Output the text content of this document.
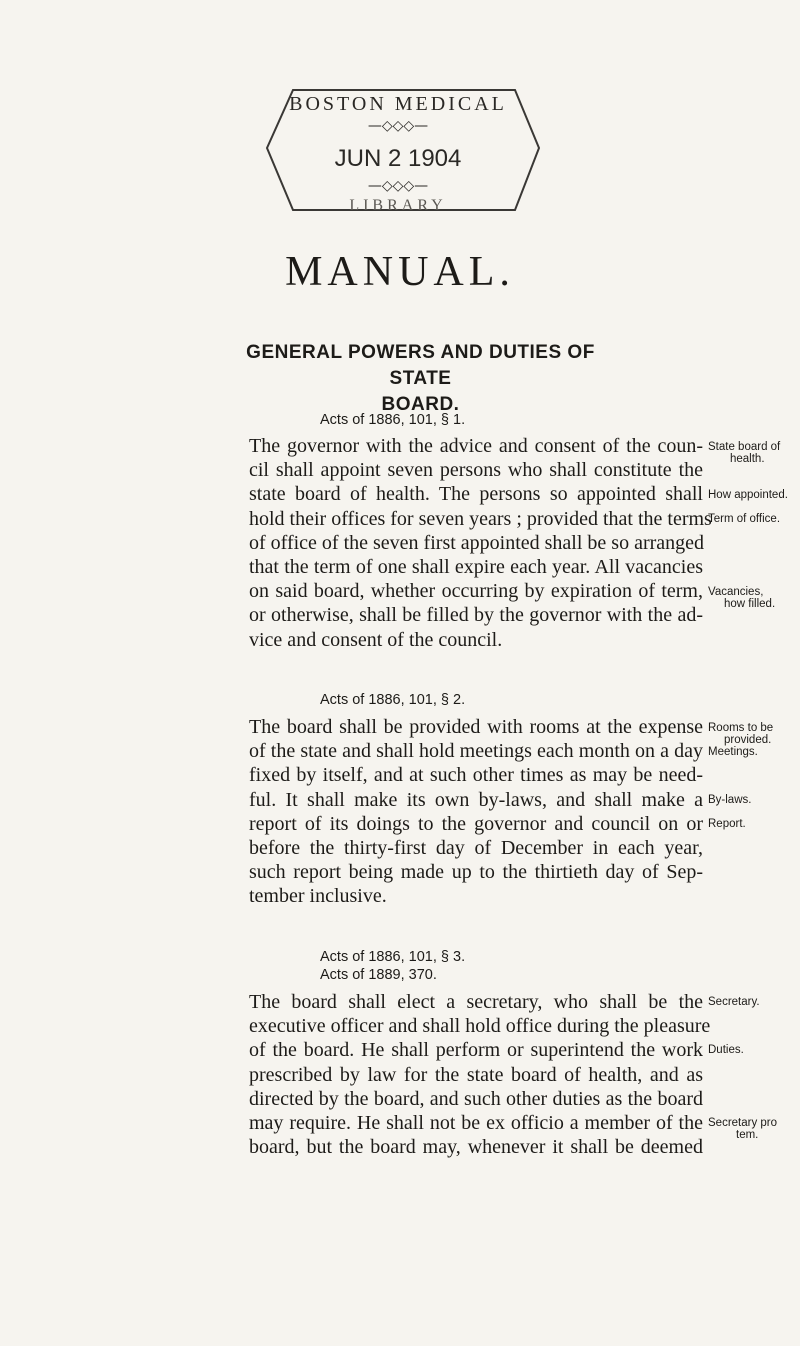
BOSTON MEDICAL
—◇◇◇—
JUN 2 1904
—◇◇◇—
LIBRARY
MANUAL.
GENERAL POWERS AND DUTIES OF STATE
BOARD.
Acts of 1886, 101, § 1.
The governor with the advice and consent of the coun-
cil shall appoint seven persons who shall constitute the
state board of health. The persons so appointed shall
hold their offices for seven years ; provided that the terms
of office of the seven first appointed shall be so arranged
that the term of one shall expire each year. All vacancies
on said board, whether occurring by expiration of term,
or otherwise, shall be filled by the governor with the ad-
vice and consent of the council.
Acts of 1886, 101, § 2.
The board shall be provided with rooms at the expense
of the state and shall hold meetings each month on a day
fixed by itself, and at such other times as may be need-
ful. It shall make its own by-laws, and shall make a
report of its doings to the governor and council on or
before the thirty-first day of December in each year,
such report being made up to the thirtieth day of Sep-
tember inclusive.
Acts of 1886, 101, § 3.
Acts of 1889, 370.
The board shall elect a secretary, who shall be the
executive officer and shall hold office during the pleasure
of the board. He shall perform or superintend the work
prescribed by law for the state board of health, and as
directed by the board, and such other duties as the board
may require. He shall not be ex officio a member of the
board, but the board may, whenever it shall be deemed
State board of
health.
How appointed.
Term of office.
Vacancies,
how filled.
Rooms to be
provided.
Meetings.
By-laws.
Report.
Secretary.
Duties.
Secretary pro
tem.
